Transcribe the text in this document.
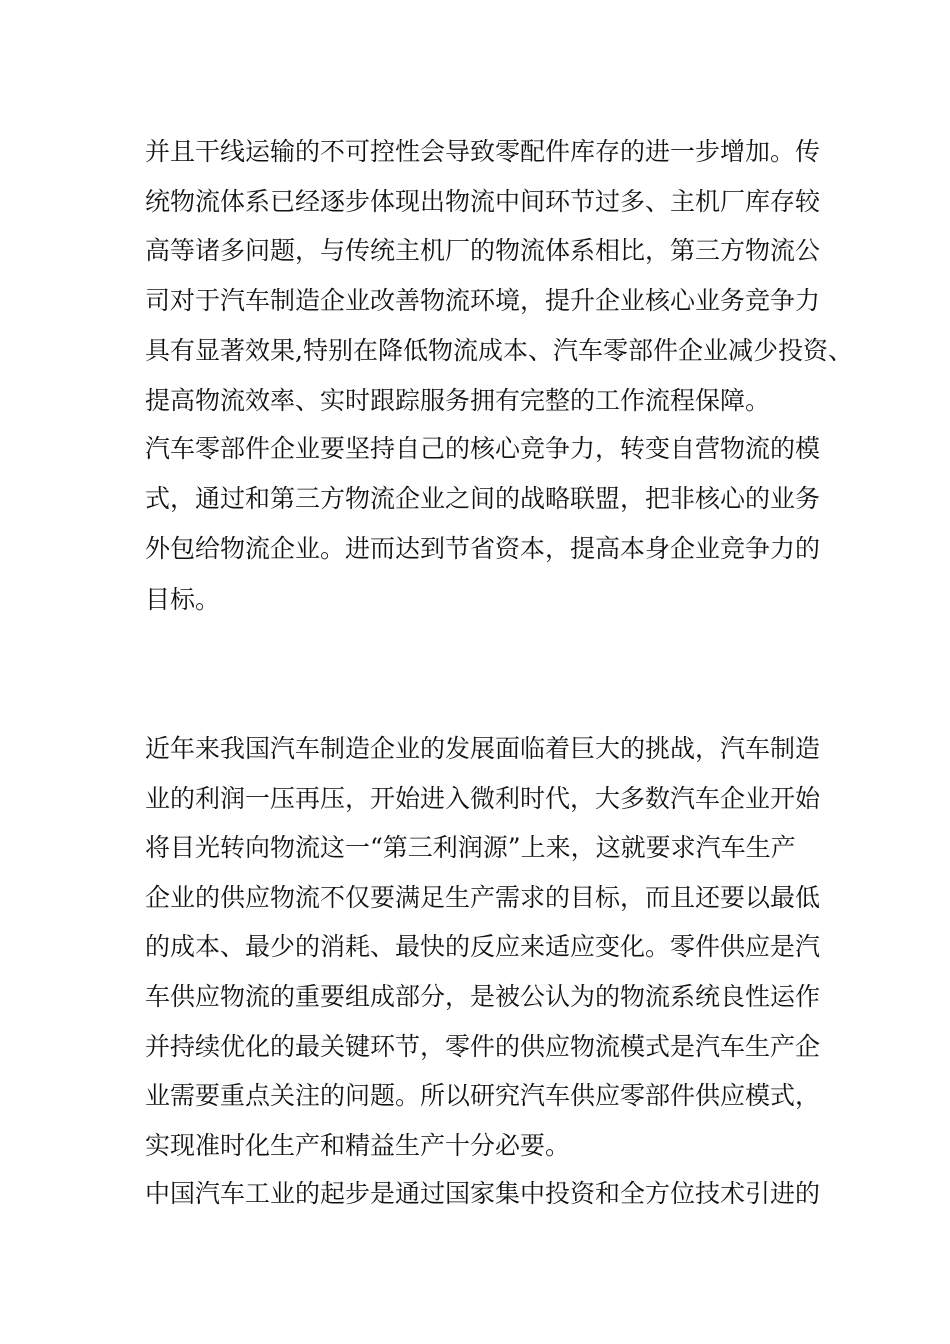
并且干线运输的不可控性会导致零配件库存的进一步增加。传

统物流体系已经逐步体现出物流中间环节过多、主机厂库存较

高等诸多问题，与传统主机厂的物流体系相比，第三方物流公

司对于汽车制造企业改善物流环境，提升企业核心业务竞争力

具有显著效果,特别在降低物流成本、汽车零部件企业减少投资、

提高物流效率、实时跟踪服务拥有完整的工作流程保障。

汽车零部件企业要坚持自己的核心竞争力，转变自营物流的模

式，通过和第三方物流企业之间的战略联盟，把非核心的业务

外包给物流企业。进而达到节省资本，提高本身企业竞争力的

目标。

近年来我国汽车制造企业的发展面临着巨大的挑战，汽车制造

业的利润一压再压，开始进入微利时代，大多数汽车企业开始

将目光转向物流这一“第三利润源”上来，这就要求汽车生产

企业的供应物流不仅要满足生产需求的目标，而且还要以最低

的成本、最少的消耗、最快的反应来适应变化。零件供应是汽

车供应物流的重要组成部分，是被公认为的物流系统良性运作

并持续优化的最关键环节，零件的供应物流模式是汽车生产企

业需要重点关注的问题。所以研究汽车供应零部件供应模式，

实现准时化生产和精益生产十分必要。

中国汽车工业的起步是通过国家集中投资和全方位技术引进的
